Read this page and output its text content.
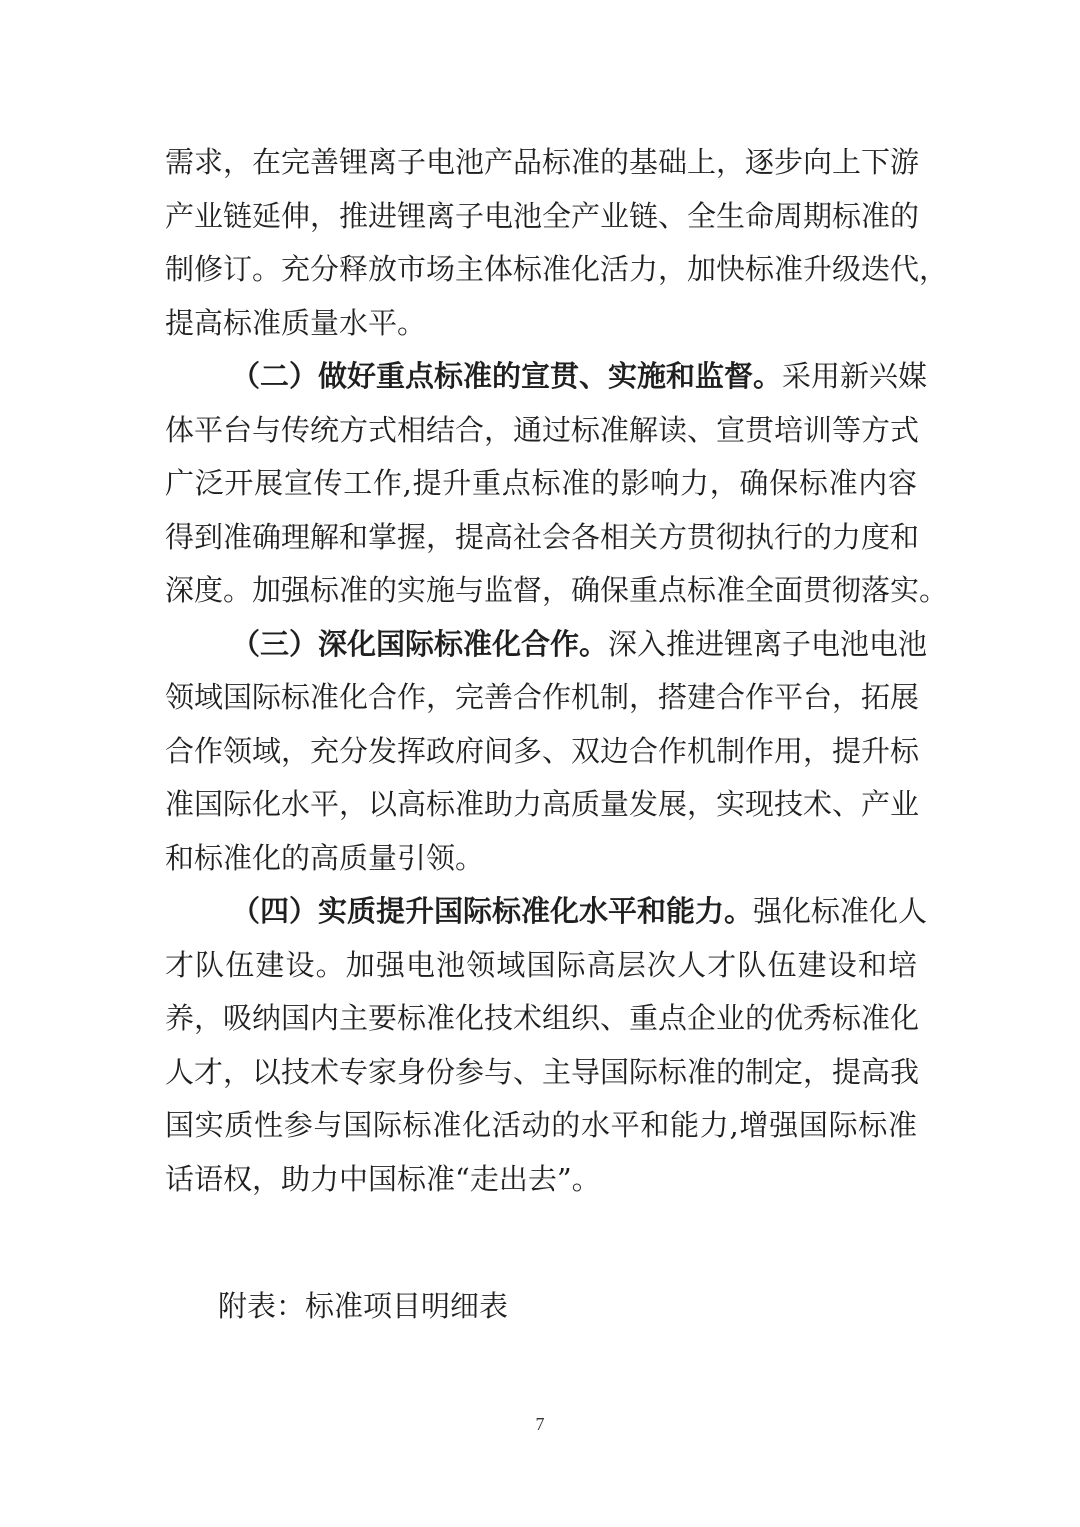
需求，在完善锂离子电池产品标准的基础上，逐步向上下游
产业链延伸，推进锂离子电池全产业链、全生命周期标准的
制修订。充分释放市场主体标准化活力，加快标准升级迭代，
提高标准质量水平。
（二）做好重点标准的宣贯、实施和监督。采用新兴媒
体平台与传统方式相结合，通过标准解读、宣贯培训等方式
广泛开展宣传工作,提升重点标准的影响力，确保标准内容
得到准确理解和掌握，提高社会各相关方贯彻执行的力度和
深度。加强标准的实施与监督，确保重点标准全面贯彻落实。
（三）深化国际标准化合作。深入推进锂离子电池电池
领域国际标准化合作，完善合作机制，搭建合作平台，拓展
合作领域，充分发挥政府间多、双边合作机制作用，提升标
准国际化水平，以高标准助力高质量发展，实现技术、产业
和标准化的高质量引领。
（四）实质提升国际标准化水平和能力。强化标准化人
才队伍建设。加强电池领域国际高层次人才队伍建设和培
养，吸纳国内主要标准化技术组织、重点企业的优秀标准化
人才，以技术专家身份参与、主导国际标准的制定，提高我
国实质性参与国际标准化活动的水平和能力,增强国际标准
话语权，助力中国标准“走出去”。
附表：标准项目明细表
7
